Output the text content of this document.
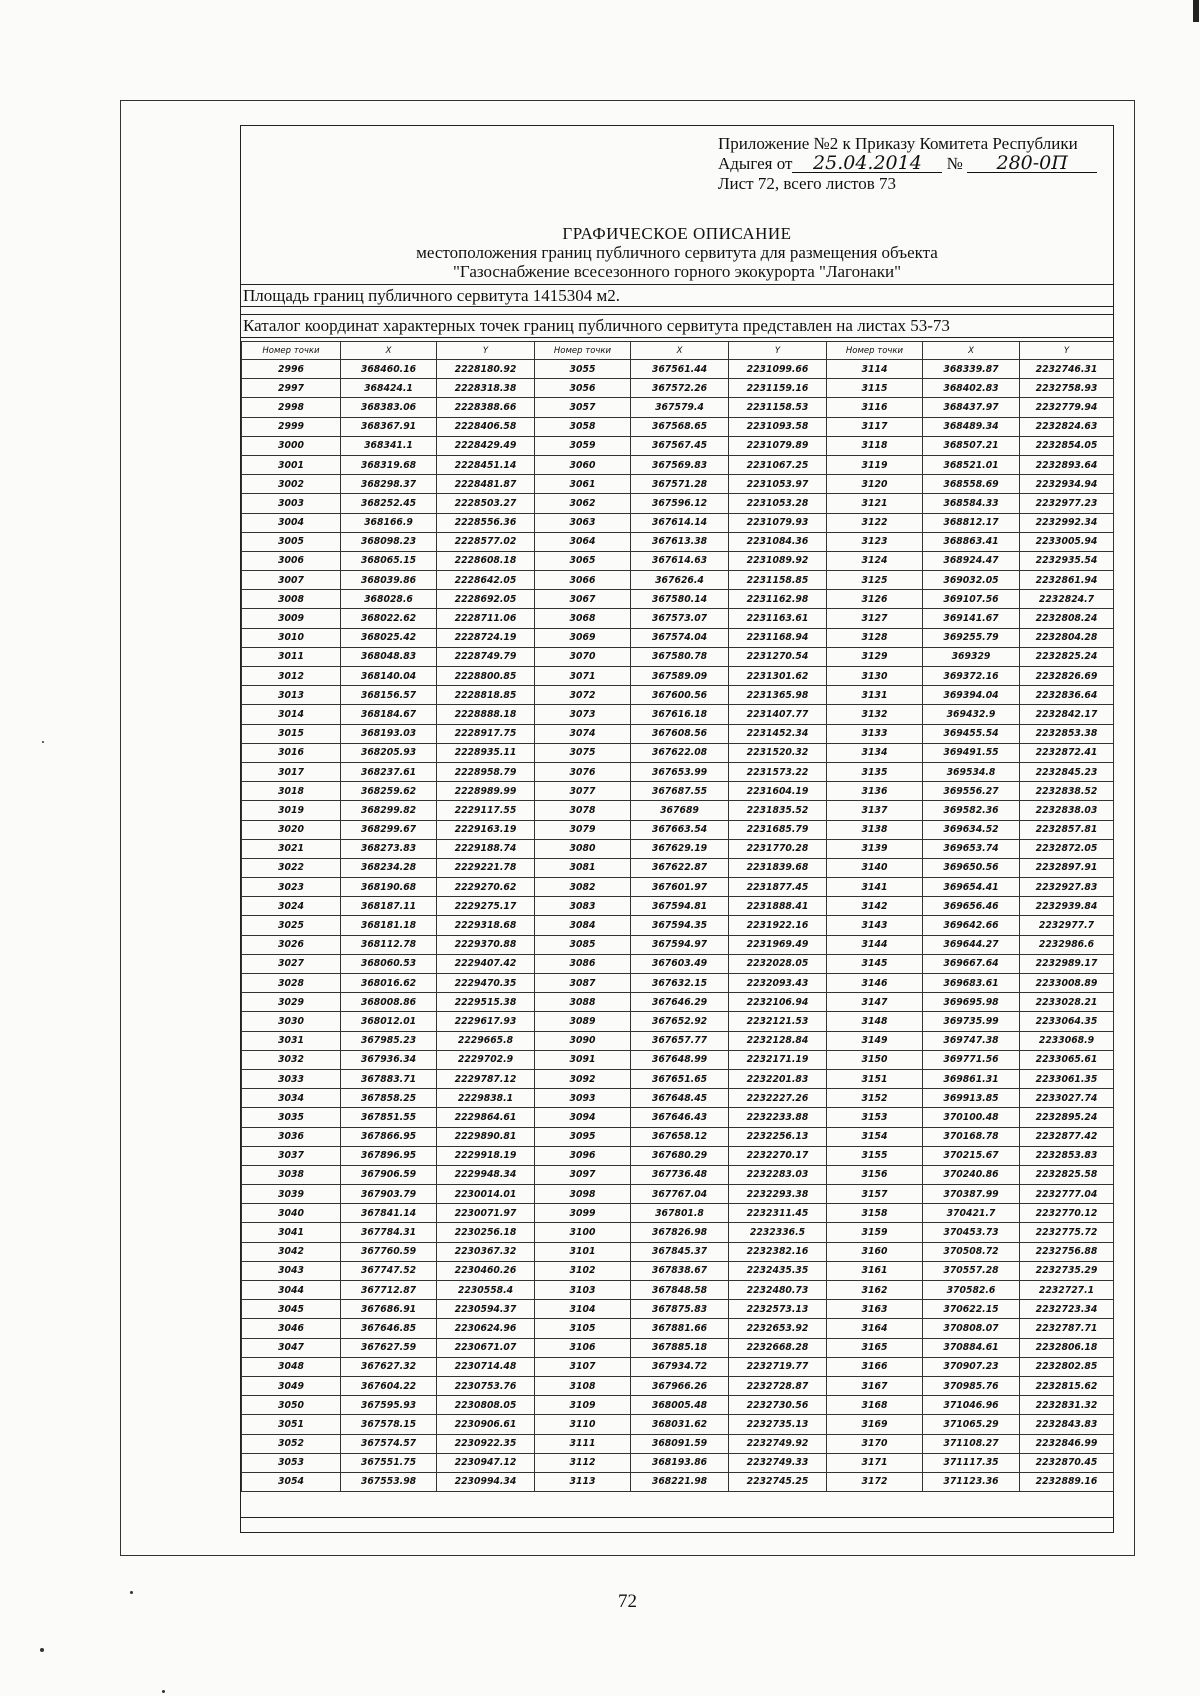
Приложение №2 к Приказу Комитета Республики
Адыгея от 25.04.2014 № 280-0П
Лист 72, всего листов 73
ГРАФИЧЕСКОЕ ОПИСАНИЕ
местоположения границ публичного сервитута для размещения объекта
"Газоснабжение всесезонного горного экокурорта "Лагонаки"
Площадь границ публичного сервитута 1415304 м2.
Каталог координат характерных точек границ публичного сервитута представлен на листах 53-73
Номер точки	X	Y	Номер точки	X	Y	Номер точки	X	Y
2996	368460.16	2228180.92	3055	367561.44	2231099.66	3114	368339.87	2232746.31
2997	368424.1	2228318.38	3056	367572.26	2231159.16	3115	368402.83	2232758.93
2998	368383.06	2228388.66	3057	367579.4	2231158.53	3116	368437.97	2232779.94
2999	368367.91	2228406.58	3058	367568.65	2231093.58	3117	368489.34	2232824.63
3000	368341.1	2228429.49	3059	367567.45	2231079.89	3118	368507.21	2232854.05
3001	368319.68	2228451.14	3060	367569.83	2231067.25	3119	368521.01	2232893.64
3002	368298.37	2228481.87	3061	367571.28	2231053.97	3120	368558.69	2232934.94
3003	368252.45	2228503.27	3062	367596.12	2231053.28	3121	368584.33	2232977.23
3004	368166.9	2228556.36	3063	367614.14	2231079.93	3122	368812.17	2232992.34
3005	368098.23	2228577.02	3064	367613.38	2231084.36	3123	368863.41	2233005.94
3006	368065.15	2228608.18	3065	367614.63	2231089.92	3124	368924.47	2232935.54
3007	368039.86	2228642.05	3066	367626.4	2231158.85	3125	369032.05	2232861.94
3008	368028.6	2228692.05	3067	367580.14	2231162.98	3126	369107.56	2232824.7
3009	368022.62	2228711.06	3068	367573.07	2231163.61	3127	369141.67	2232808.24
3010	368025.42	2228724.19	3069	367574.04	2231168.94	3128	369255.79	2232804.28
3011	368048.83	2228749.79	3070	367580.78	2231270.54	3129	369329	2232825.24
3012	368140.04	2228800.85	3071	367589.09	2231301.62	3130	369372.16	2232826.69
3013	368156.57	2228818.85	3072	367600.56	2231365.98	3131	369394.04	2232836.64
3014	368184.67	2228888.18	3073	367616.18	2231407.77	3132	369432.9	2232842.17
3015	368193.03	2228917.75	3074	367608.56	2231452.34	3133	369455.54	2232853.38
3016	368205.93	2228935.11	3075	367622.08	2231520.32	3134	369491.55	2232872.41
3017	368237.61	2228958.79	3076	367653.99	2231573.22	3135	369534.8	2232845.23
3018	368259.62	2228989.99	3077	367687.55	2231604.19	3136	369556.27	2232838.52
3019	368299.82	2229117.55	3078	367689	2231835.52	3137	369582.36	2232838.03
3020	368299.67	2229163.19	3079	367663.54	2231685.79	3138	369634.52	2232857.81
3021	368273.83	2229188.74	3080	367629.19	2231770.28	3139	369653.74	2232872.05
3022	368234.28	2229221.78	3081	367622.87	2231839.68	3140	369650.56	2232897.91
3023	368190.68	2229270.62	3082	367601.97	2231877.45	3141	369654.41	2232927.83
3024	368187.11	2229275.17	3083	367594.81	2231888.41	3142	369656.46	2232939.84
3025	368181.18	2229318.68	3084	367594.35	2231922.16	3143	369642.66	2232977.7
3026	368112.78	2229370.88	3085	367594.97	2231969.49	3144	369644.27	2232986.6
3027	368060.53	2229407.42	3086	367603.49	2232028.05	3145	369667.64	2232989.17
3028	368016.62	2229470.35	3087	367632.15	2232093.43	3146	369683.61	2233008.89
3029	368008.86	2229515.38	3088	367646.29	2232106.94	3147	369695.98	2233028.21
3030	368012.01	2229617.93	3089	367652.92	2232121.53	3148	369735.99	2233064.35
3031	367985.23	2229665.8	3090	367657.77	2232128.84	3149	369747.38	2233068.9
3032	367936.34	2229702.9	3091	367648.99	2232171.19	3150	369771.56	2233065.61
3033	367883.71	2229787.12	3092	367651.65	2232201.83	3151	369861.31	2233061.35
3034	367858.25	2229838.1	3093	367648.45	2232227.26	3152	369913.85	2233027.74
3035	367851.55	2229864.61	3094	367646.43	2232233.88	3153	370100.48	2232895.24
3036	367866.95	2229890.81	3095	367658.12	2232256.13	3154	370168.78	2232877.42
3037	367896.95	2229918.19	3096	367680.29	2232270.17	3155	370215.67	2232853.83
3038	367906.59	2229948.34	3097	367736.48	2232283.03	3156	370240.86	2232825.58
3039	367903.79	2230014.01	3098	367767.04	2232293.38	3157	370387.99	2232777.04
3040	367841.14	2230071.97	3099	367801.8	2232311.45	3158	370421.7	2232770.12
3041	367784.31	2230256.18	3100	367826.98	2232336.5	3159	370453.73	2232775.72
3042	367760.59	2230367.32	3101	367845.37	2232382.16	3160	370508.72	2232756.88
3043	367747.52	2230460.26	3102	367838.67	2232435.35	3161	370557.28	2232735.29
3044	367712.87	2230558.4	3103	367848.58	2232480.73	3162	370582.6	2232727.1
3045	367686.91	2230594.37	3104	367875.83	2232573.13	3163	370622.15	2232723.34
3046	367646.85	2230624.96	3105	367881.66	2232653.92	3164	370808.07	2232787.71
3047	367627.59	2230671.07	3106	367885.18	2232668.28	3165	370884.61	2232806.18
3048	367627.32	2230714.48	3107	367934.72	2232719.77	3166	370907.23	2232802.85
3049	367604.22	2230753.76	3108	367966.26	2232728.87	3167	370985.76	2232815.62
3050	367595.93	2230808.05	3109	368005.48	2232730.56	3168	371046.96	2232831.32
3051	367578.15	2230906.61	3110	368031.62	2232735.13	3169	371065.29	2232843.83
3052	367574.57	2230922.35	3111	368091.59	2232749.92	3170	371108.27	2232846.99
3053	367551.75	2230947.12	3112	368193.86	2232749.33	3171	371117.35	2232870.45
3054	367553.98	2230994.34	3113	368221.98	2232745.25	3172	371123.36	2232889.16
72
